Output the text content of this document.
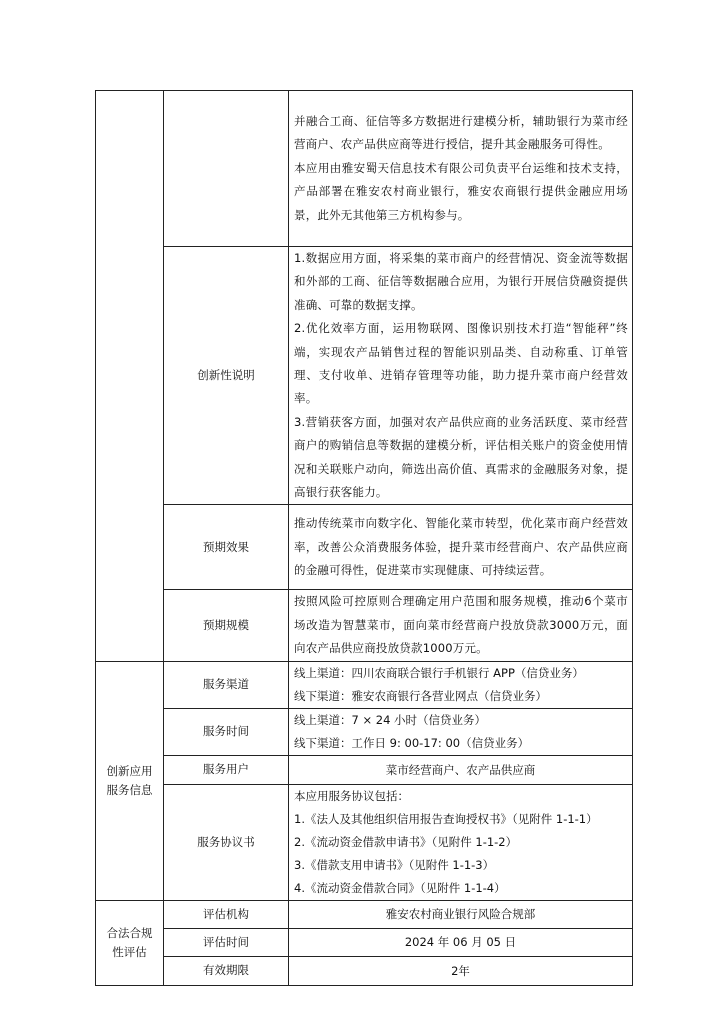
		并融合工商、征信等多方数据进行建模分析，辅助银行为菜市经营商户、农产品供应商等进行授信，提升其金融服务可得性。
本应用由雅安蜀天信息技术有限公司负责平台运维和技术支持，产品部署在雅安农村商业银行，雅安农商银行提供金融应用场景，此外无其他第三方机构参与。

	创新性说明	1.数据应用方面，将采集的菜市商户的经营情况、资金流等数据和外部的工商、征信等数据融合应用，为银行开展信贷融资提供准确、可靠的数据支撑。
2.优化效率方面，运用物联网、图像识别技术打造“智能秤”终端，实现农产品销售过程的智能识别品类、自动称重、订单管理、支付收单、进销存管理等功能，助力提升菜市商户经营效率。
3.营销获客方面，加强对农产品供应商的业务活跃度、菜市经营商户的购销信息等数据的建模分析，评估相关账户的资金使用情况和关联账户动向，筛选出高价值、真需求的金融服务对象，提高银行获客能力。

	预期效果	推动传统菜市向数字化、智能化菜市转型，优化菜市商户经营效率，改善公众消费服务体验，提升菜市经营商户、农产品供应商的金融可得性，促进菜市实现健康、可持续运营。

	预期规模	按照风险可控原则合理确定用户范围和服务规模，推动6个菜市场改造为智慧菜市，面向菜市经营商户投放贷款3000万元，面向农产品供应商投放贷款1000万元。

创新应用服务信息	服务渠道	线上渠道：四川农商联合银行手机银行 APP（信贷业务）
线下渠道：雅安农商银行各营业网点（信贷业务）

	服务时间	线上渠道：7 × 24 小时（信贷业务）
线下渠道：工作日 9: 00-17: 00（信贷业务）

	服务用户	菜市经营商户、农产品供应商
	服务协议书	本应用服务协议包括：
1.《法人及其他组织信用报告查询授权书》（见附件 1-1-1）
2.《流动资金借款申请书》（见附件 1-1-2）
3.《借款支用申请书》（见附件 1-1-3）
4.《流动资金借款合同》（见附件 1-1-4）

合法合规性评估	评估机构	雅安农村商业银行风险合规部
	评估时间	2024 年 06 月 05 日
	有效期限	2年
